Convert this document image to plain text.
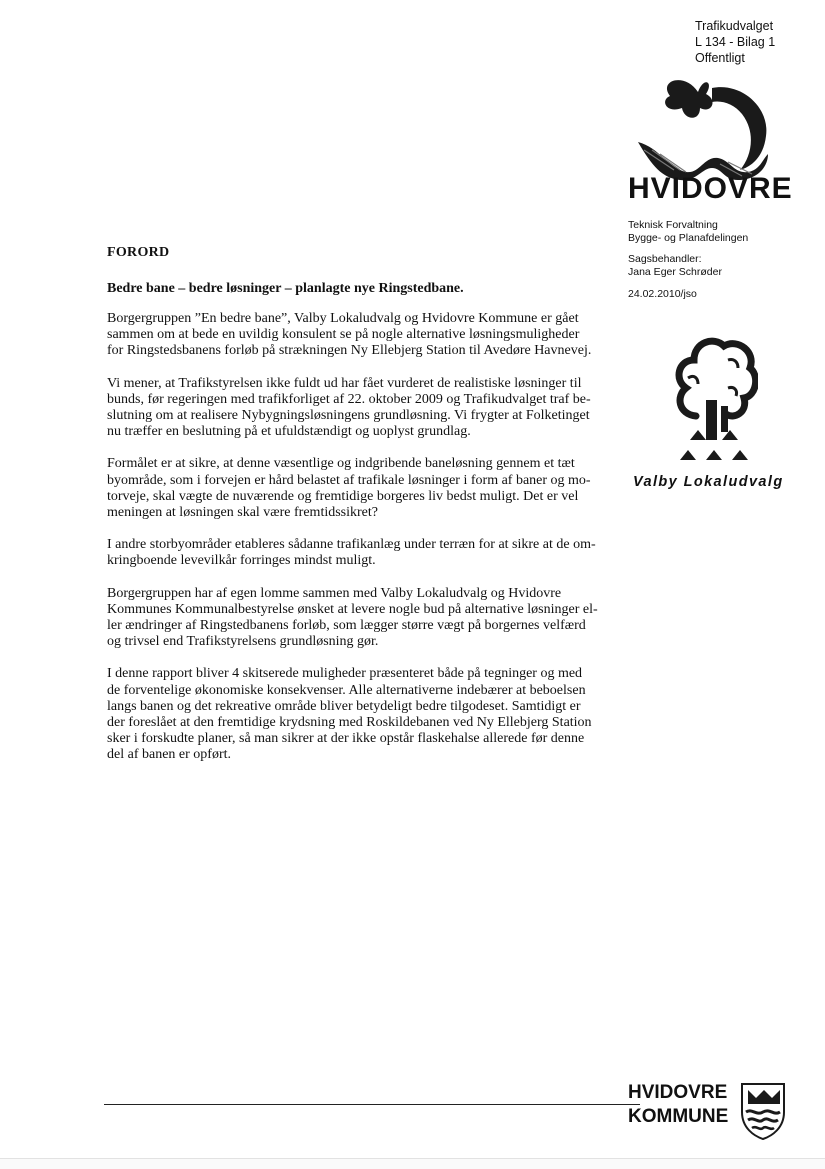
Trafikudvalget
L 134 - Bilag 1
Offentligt
HVIDOVRE
Teknisk Forvaltning
Bygge- og Planafdelingen
Sagsbehandler:
Jana Eger Schrøder
24.02.2010/jso
Valby Lokaludvalg
FORORD
Bedre bane – bedre løsninger – planlagte nye Ringstedbane.

Borgergruppen ”En bedre bane”, Valby Lokaludvalg og Hvidovre Kommune er gået
sammen om at bede en uvildig konsulent se på nogle alternative løsningsmuligheder
for Ringstedsbanens forløb på strækningen Ny Ellebjerg Station til Avedøre Havnevej.

Vi mener, at Trafikstyrelsen ikke fuldt ud har fået vurderet de realistiske løsninger til
bunds, før regeringen med trafikforliget af 22. oktober 2009 og Trafikudvalget traf be-
slutning om at realisere Nybygningsløsningens grundløsning. Vi frygter at Folketinget
nu træffer en beslutning på et ufuldstændigt og uoplyst grundlag.

Formålet er at sikre, at denne væsentlige og indgribende baneløsning gennem et tæt
byområde, som i forvejen er hård belastet af trafikale løsninger i form af baner og mo-
torveje, skal vægte de nuværende og fremtidige borgeres liv bedst muligt. Det er vel
meningen at løsningen skal være fremtidssikret?

I andre storbyområder etableres sådanne trafikanlæg under terræn for at sikre at de om-
kringboende levevilkår forringes mindst muligt.

Borgergruppen har af egen lomme sammen med Valby Lokaludvalg og Hvidovre
Kommunes Kommunalbestyrelse ønsket at levere nogle bud på alternative løsninger el-
ler ændringer af Ringstedbanens forløb, som lægger større vægt på borgernes velfærd
og trivsel end Trafikstyrelsens grundløsning gør.

I denne rapport bliver 4 skitserede muligheder præsenteret både på tegninger og med
de forventelige økonomiske konsekvenser. Alle alternativerne indebærer at beboelsen
langs banen og det rekreative område bliver betydeligt bedre tilgodeset. Samtidigt er
der foreslået at den fremtidige krydsning med Roskildebanen ved Ny Ellebjerg Station
sker i forskudte planer, så man sikrer at der ikke opstår flaskehalse allerede før denne
del af banen er opført.

HVIDOVRE
KOMMUNE
